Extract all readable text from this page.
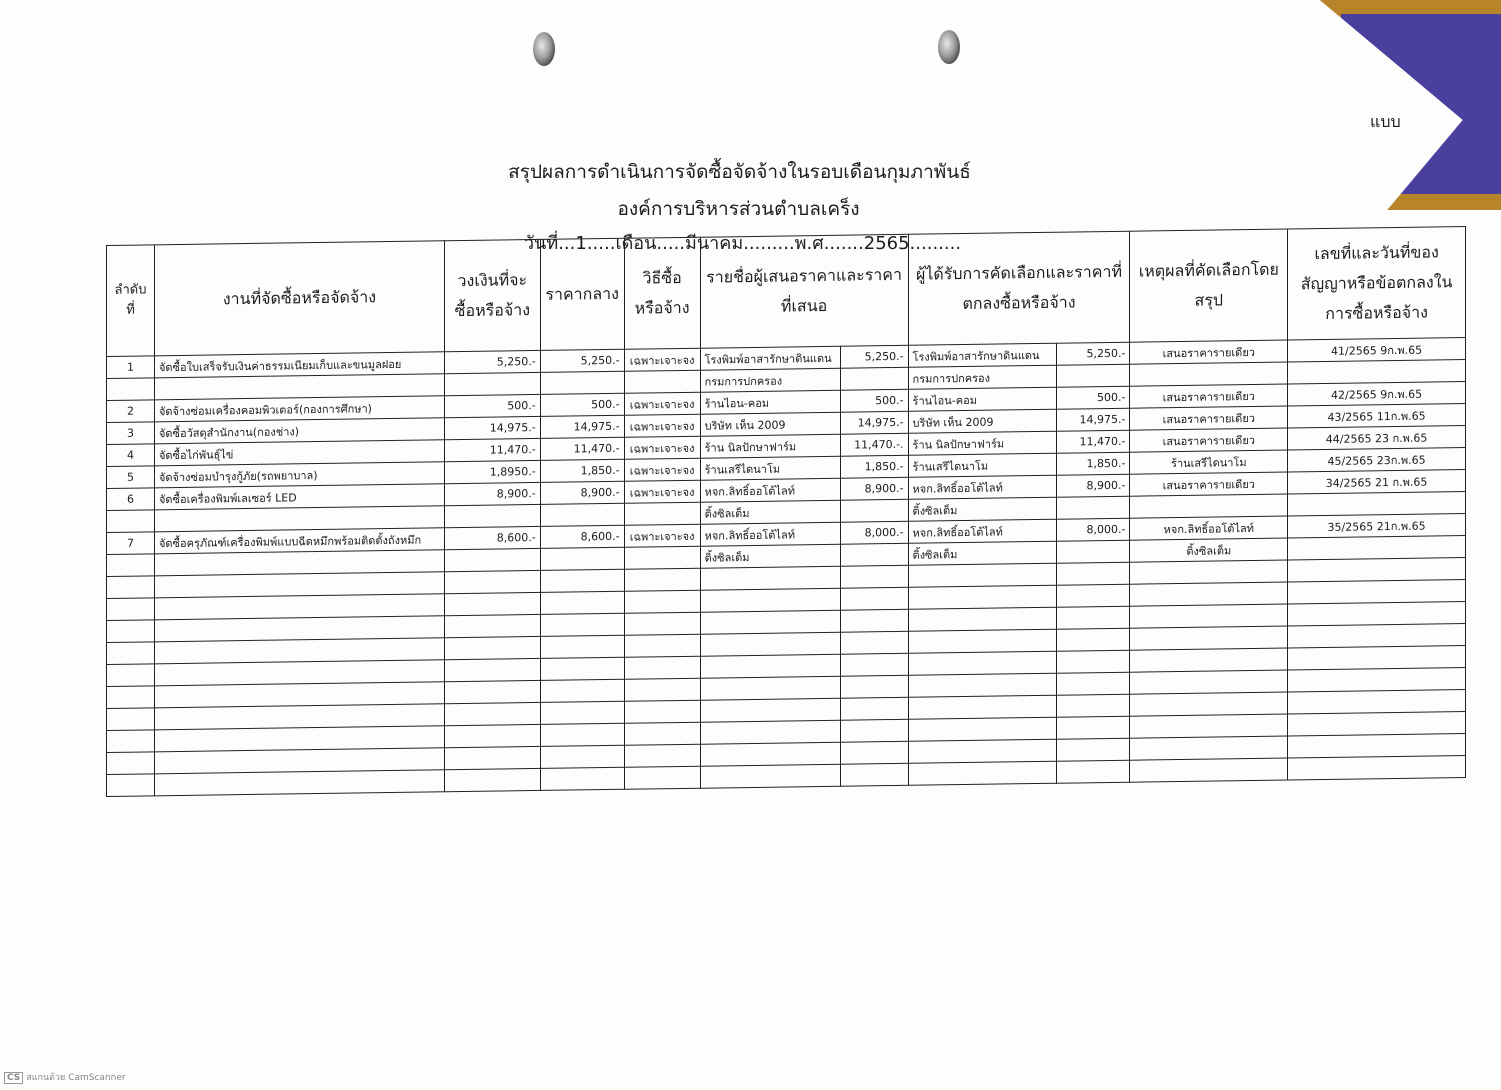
แบบ
สรุปผลการดำเนินการจัดซื้อจัดจ้างในรอบเดือนกุมภาพันธ์
องค์การบริหารส่วนตำบลเคร็ง
วันที่...1.....เดือน.....มีนาคม.........พ.ศ.......2565.........
ลำดับที่	งานที่จัดซื้อหรือจัดจ้าง	วงเงินที่จะซื้อหรือจ้าง	ราคากลาง	วิธีซื้อหรือจ้าง	รายชื่อผู้เสนอราคาและราคาที่เสนอ		ผู้ได้รับการคัดเลือกและราคาที่ตกลงซื้อหรือจ้าง		เหตุผลที่คัดเลือกโดยสรุป	เลขที่และวันที่ของสัญญาหรือข้อตกลงในการซื้อหรือจ้าง
1	จัดซื้อใบเสร็จรับเงินค่าธรรมเนียมเก็บและขนมูลฝอย	5,250.-	5,250.-	เฉพาะเจาะจง	โรงพิมพ์อาสารักษาดินแดน	5,250.-	โรงพิมพ์อาสารักษาดินแดน	5,250.-	เสนอราคารายเดียว	41/2565 9ก.พ.65
					กรมการปกครอง		กรมการปกครอง			
2	จัดจ้างซ่อมเครื่องคอมพิวเตอร์(กองการศึกษา)	500.-	500.-	เฉพาะเจาะจง	ร้านไอน-คอม	500.-	ร้านไอน-คอม	500.-	เสนอราคารายเดียว	42/2565 9ก.พ.65
3	จัดซื้อวัสดุสำนักงาน(กองช่าง)	14,975.-	14,975.-	เฉพาะเจาะจง	บริษัท เห็น 2009	14,975.-	บริษัท เห็น 2009	14,975.-	เสนอราคารายเดียว	43/2565 11ก.พ.65
4	จัดซื้อไก่พันธุ์ไข่	11,470.-	11,470.-	เฉพาะเจาะจง	ร้าน นิลปักษาฟาร์ม	11,470.-.	ร้าน นิลปักษาฟาร์ม	11,470.-	เสนอราคารายเดียว	44/2565 23 ก.พ.65
5	จัดจ้างซ่อมบำรุงกู้ภัย(รถพยาบาล)	1,8950.-	1,850.-	เฉพาะเจาะจง	ร้านเสรีไดนาโม	1,850.-	ร้านเสรีไดนาโม	1,850.-	ร้านเสรีไดนาโม	45/2565 23ก.พ.65
6	จัดซื้อเครื่องพิมพ์เลเซอร์ LED	8,900.-	8,900.-	เฉพาะเจาะจง	หจก.ลิทธิ์ออโต้ไลท์	8,900.-	หจก.ลิทธิ์ออโต้ไลท์	8,900.-	เสนอราคารายเดียว	34/2565 21 ก.พ.65
					ติ้งซิลเต็ม		ติ้งซิลเต็ม			
7	จัดซื้อครุภัณฑ์เครื่องพิมพ์แบบฉีดหมึกพร้อมติดตั้งถังหมึก	8,600.-	8,600.-	เฉพาะเจาะจง	หจก.ลิทธิ์ออโต้ไลท์	8,000.-	หจก.ลิทธิ์ออโต้ไลท์	8,000.-	หจก.ลิทธิ์ออโต้ไลท์	35/2565 21ก.พ.65
					ติ้งซิลเต็ม		ติ้งซิลเต็ม		ติ้งซิลเต็ม	

CS สแกนด้วย CamScanner
